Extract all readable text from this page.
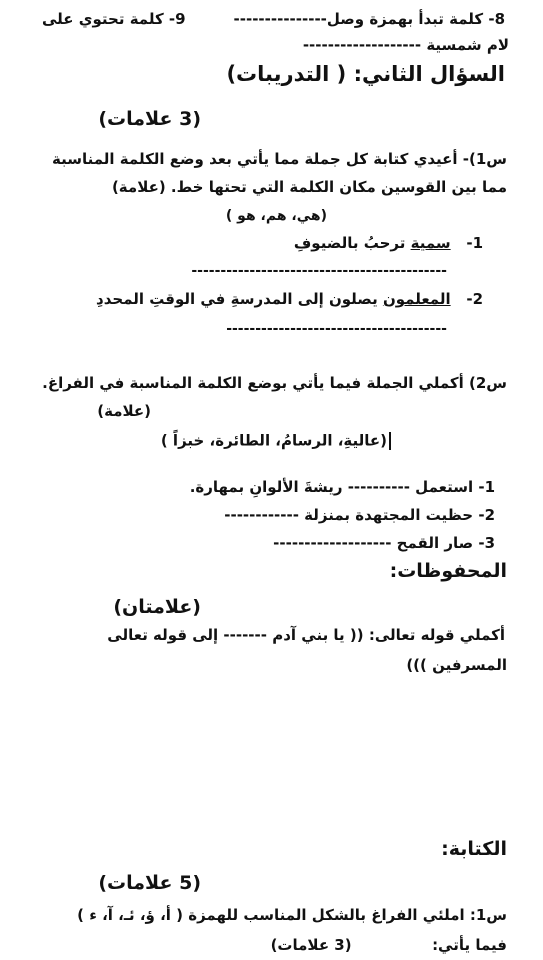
8- كلمة تبدأ بهمزة وصل---------------
9- كلمة تحتوي على
لام شمسية -------------------
السؤال الثاني: ( التدريبات)
(3 علامات)
س1)- أعيدي كتابة كل جملة مما يأتي بعد وضع الكلمة المناسبة
مما بين القوسين مكان الكلمة التي تحتها خط. (علامة)
(هي، هم، هو )
1-   سمية ترحبُ بالضيوفِ
--------------------------------------------
2-   المعلمون يصلون إلى المدرسةِ في الوقتِ المحددِ
--------------------------------------
س2) أكملي الجملة فيما يأتي بوضع الكلمة المناسبة في الفراغ.
(علامة)
(عاليةِ، الرسامُ، الطائرة، خبزاً )
1- استعمل ---------- ريشةَ الألوانِ بمهارة.
2- حظيت المجتهدة بمنزلة ------------
3- صار القمح -------------------
المحفوظات:
(علامتان)
أكملي قوله تعالى: (( يا بني آدم ------- إلى قوله تعالى
المسرفين )))
الكتابة:
(5 علامات)
س1: املئي الفراغ بالشكل المناسب للهمزة ( أ، ؤ، ئـ، آ، ء )
فيما يأتي:  (3 علامات)
